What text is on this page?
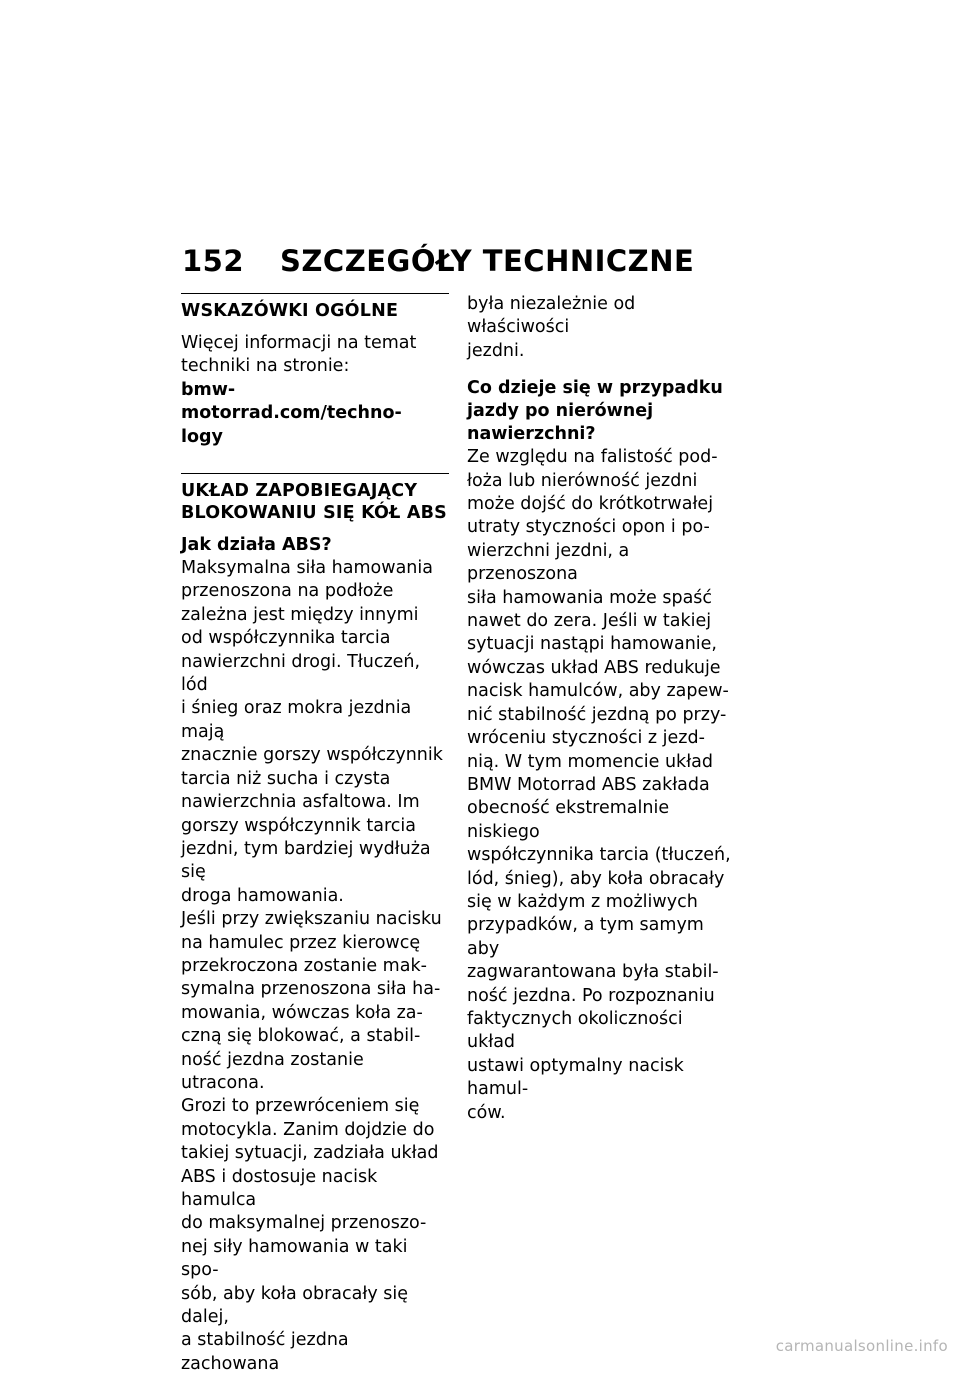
152 SZCZEGÓŁY TECHNICZNE
WSKAZÓWKI OGÓLNE

Więcej informacji na temat
techniki na stronie:

bmw-motorrad.com/techno-
logy

UKŁAD ZAPOBIEGAJĄCY
BLOKOWANIU SIĘ KÓŁ ABS

Jak działa ABS?

Maksymalna siła hamowania
przenoszona na podłoże
zależna jest między innymi
od współczynnika tarcia
nawierzchni drogi. Tłuczeń, lód
i śnieg oraz mokra jezdnia mają
znacznie gorszy współczynnik
tarcia niż sucha i czysta
nawierzchnia asfaltowa. Im
gorszy współczynnik tarcia
jezdni, tym bardziej wydłuża się
droga hamowania.

Jeśli przy zwiększaniu nacisku
na hamulec przez kierowcę
przekroczona zostanie mak-
symalna przenoszona siła ha-
mowania, wówczas koła za-
czną się blokować, a stabil-
ność jezdna zostanie utracona.
Grozi to przewróceniem się
motocykla. Zanim dojdzie do
takiej sytuacji, zadziała układ
ABS i dostosuje nacisk hamulca
do maksymalnej przenoszo-
nej siły hamowania w taki spo-
sób, aby koła obracały się dalej,
a stabilność jezdna zachowana

była niezależnie od właściwości
jezdni.

Co dzieje się w przypadku
jazdy po nierównej
nawierzchni?

Ze względu na falistość pod-
łoża lub nierówność jezdni
może dojść do krótkotrwałej
utraty styczności opon i po-
wierzchni jezdni, a przenoszona
siła hamowania może spaść
nawet do zera. Jeśli w takiej
sytuacji nastąpi hamowanie,
wówczas układ ABS redukuje
nacisk hamulców, aby zapew-
nić stabilność jezdną po przy-
wróceniu styczności z jezd-
nią. W tym momencie układ
BMW Motorrad ABS zakłada
obecność ekstremalnie niskiego
współczynnika tarcia (tłuczeń,
lód, śnieg), aby koła obracały
się w każdym z możliwych
przypadków, a tym samym aby
zagwarantowana była stabil-
ność jezdna. Po rozpoznaniu
faktycznych okoliczności układ
ustawi optymalny nacisk hamul-
ców.

carmanualsonline.info
